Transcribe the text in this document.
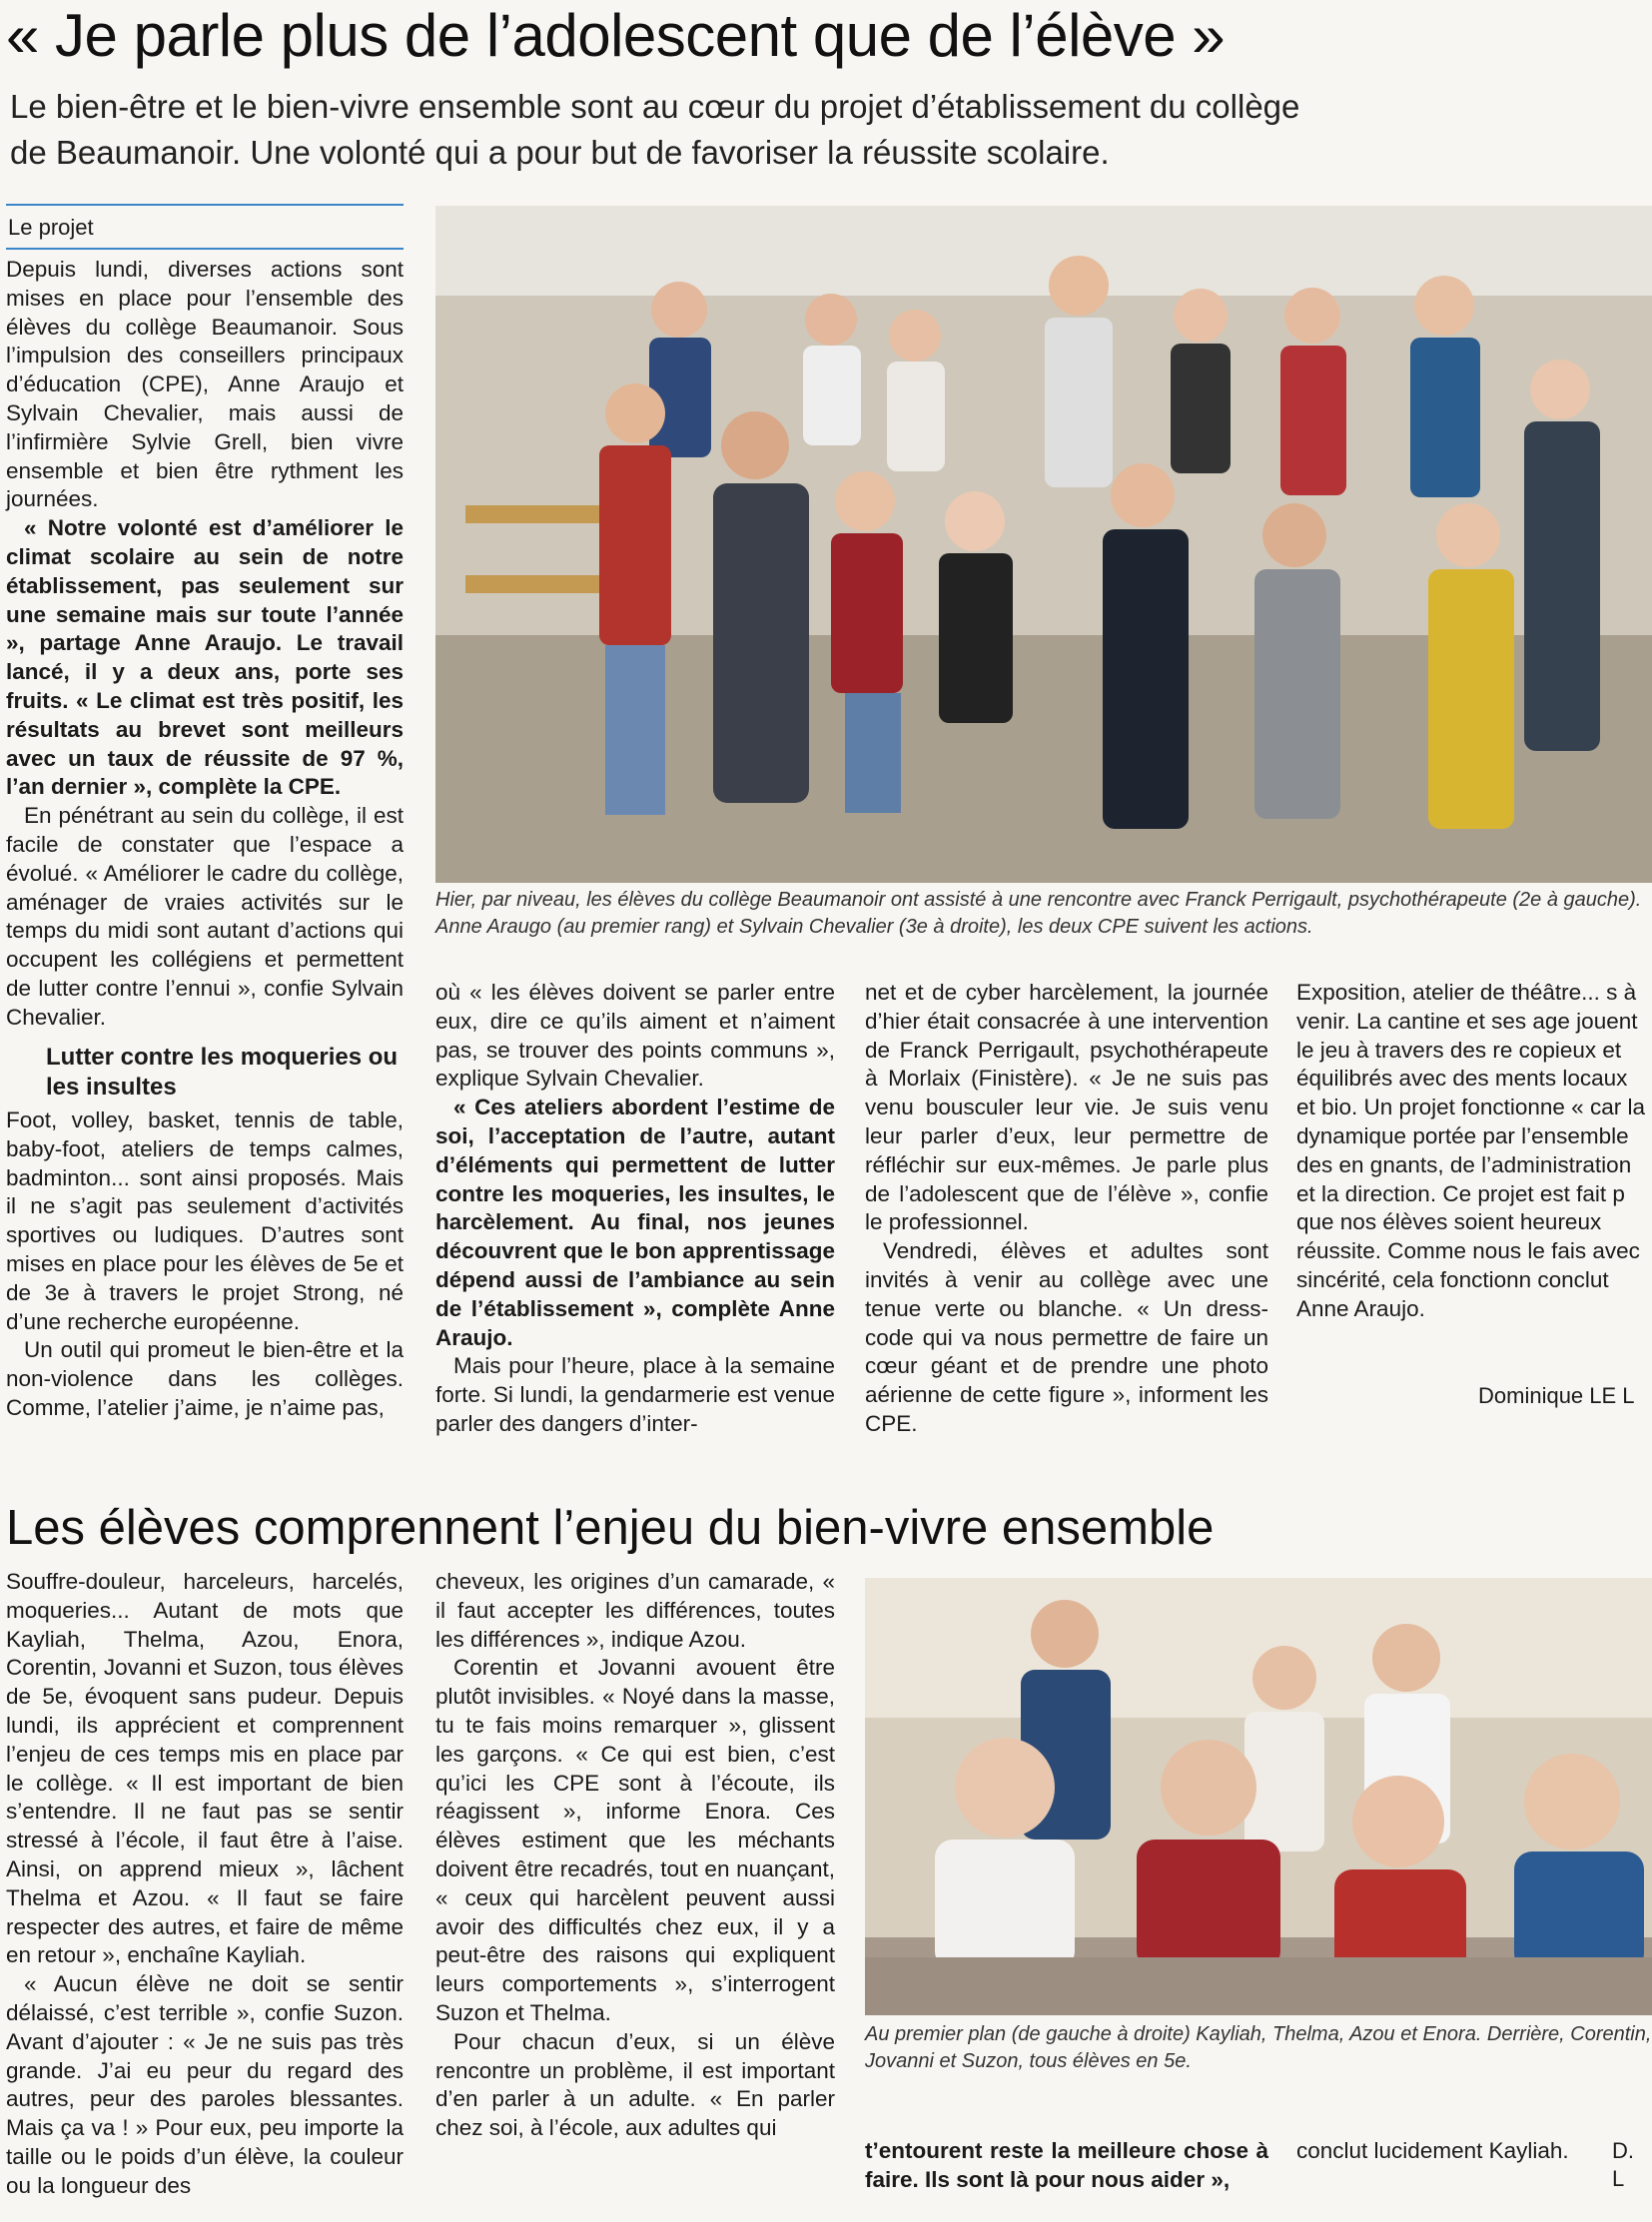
« Je parle plus de l’adolescent que de l’élève »
Le bien-être et le bien-vivre ensemble sont au cœur du projet d’établissement du collège de Beaumanoir. Une volonté qui a pour but de favoriser la réussite scolaire.
Le projet

Depuis lundi, diverses actions sont mises en place pour l’ensemble des élèves du collège Beaumanoir. Sous l’impulsion des conseillers principaux d’éducation (CPE), Anne Araujo et Sylvain Chevalier, mais aussi de l’infirmière Sylvie Grell, bien vivre ensemble et bien être rythment les journées.

« Notre volonté est d’améliorer le climat scolaire au sein de notre établissement, pas seulement sur une semaine mais sur toute l’année », partage Anne Araujo. Le travail lancé, il y a deux ans, porte ses fruits. « Le climat est très positif, les résultats au brevet sont meilleurs avec un taux de réussite de 97 %, l’an dernier », complète la CPE.

En pénétrant au sein du collège, il est facile de constater que l’espace a évolué. « Améliorer le cadre du collège, aménager de vraies activités sur le temps du midi sont autant d’actions qui occupent les collégiens et permettent de lutter contre l’ennui », confie Sylvain Chevalier.

Lutter contre les moqueries ou les insultes

Foot, volley, basket, tennis de table, baby-foot, ateliers de temps calmes, badminton... sont ainsi proposés. Mais il ne s’agit pas seulement d’activités sportives ou ludiques. D’autres sont mises en place pour les élèves de 5e et de 3e à travers le projet Strong, né d’une recherche européenne.

Un outil qui promeut le bien-être et la non-violence dans les collèges. Comme, l’atelier j’aime, je n’aime pas,

Hier, par niveau, les élèves du collège Beaumanoir ont assisté à une rencontre avec Franck Perrigault, psychothérapeute (2e à gauche). Anne Araugo (au premier rang) et Sylvain Chevalier (3e à droite), les deux CPE suivent les actions.

où « les élèves doivent se parler entre eux, dire ce qu’ils aiment et n’aiment pas, se trouver des points communs », explique Sylvain Chevalier.

« Ces ateliers abordent l’estime de soi, l’acceptation de l’autre, autant d’éléments qui permettent de lutter contre les moqueries, les insultes, le harcèlement. Au final, nos jeunes découvrent que le bon apprentissage dépend aussi de l’ambiance au sein de l’établissement », complète Anne Araujo.

Mais pour l’heure, place à la semaine forte. Si lundi, la gendarmerie est venue parler des dangers d’inter-

net et de cyber harcèlement, la journée d’hier était consacrée à une intervention de Franck Perrigault, psychothérapeute à Morlaix (Finistère). « Je ne suis pas venu bousculer leur vie. Je suis venu leur parler d’eux, leur permettre de réfléchir sur eux-mêmes. Je parle plus de l’adolescent que de l’élève », confie le professionnel.

Vendredi, élèves et adultes sont invités à venir au collège avec une tenue verte ou blanche. « Un dress-code qui va nous permettre de faire un cœur géant et de prendre une photo aérienne de cette figure », informent les CPE.

Exposition, atelier de théâtre... s à venir. La cantine et ses age jouent le jeu à travers des re copieux et équilibrés avec des ments locaux et bio. Un projet fonctionne « car la dynamique portée par l’ensemble des en gnants, de l’administration et la direction. Ce projet est fait p que nos élèves soient heureux réussite. Comme nous le fais avec sincérité, cela fonctionn conclut Anne Araujo.

Dominique LE L
Les élèves comprennent l’enjeu du bien-vivre ensemble

Souffre-douleur, harceleurs, harcelés, moqueries... Autant de mots que Kayliah, Thelma, Azou, Enora, Corentin, Jovanni et Suzon, tous élèves de 5e, évoquent sans pudeur. Depuis lundi, ils apprécient et comprennent l’enjeu de ces temps mis en place par le collège. « Il est important de bien s’entendre. Il ne faut pas se sentir stressé à l’école, il faut être à l’aise. Ainsi, on apprend mieux », lâchent Thelma et Azou. « Il faut se faire respecter des autres, et faire de même en retour », enchaîne Kayliah.

« Aucun élève ne doit se sentir délaissé, c’est terrible », confie Suzon. Avant d’ajouter : « Je ne suis pas très grande. J’ai eu peur du regard des autres, peur des paroles blessantes. Mais ça va ! » Pour eux, peu importe la taille ou le poids d’un élève, la couleur ou la longueur des

cheveux, les origines d’un camarade, « il faut accepter les différences, toutes les différences », indique Azou.

Corentin et Jovanni avouent être plutôt invisibles. « Noyé dans la masse, tu te fais moins remarquer », glissent les garçons. « Ce qui est bien, c’est qu’ici les CPE sont à l’écoute, ils réagissent », informe Enora. Ces élèves estiment que les méchants doivent être recadrés, tout en nuançant, « ceux qui harcèlent peuvent aussi avoir des difficultés chez eux, il y a peut-être des raisons qui expliquent leurs comportements », s’interrogent Suzon et Thelma.

Pour chacun d’eux, si un élève rencontre un problème, il est important d’en parler à un adulte. « En parler chez soi, à l’école, aux adultes qui

Au premier plan (de gauche à droite) Kayliah, Thelma, Azou et Enora. Derrière, Corentin, Jovanni et Suzon, tous élèves en 5e.

t’entourent reste la meilleure chose à faire. Ils sont là pour nous aider »,

conclut lucidement Kayliah.	D. L
